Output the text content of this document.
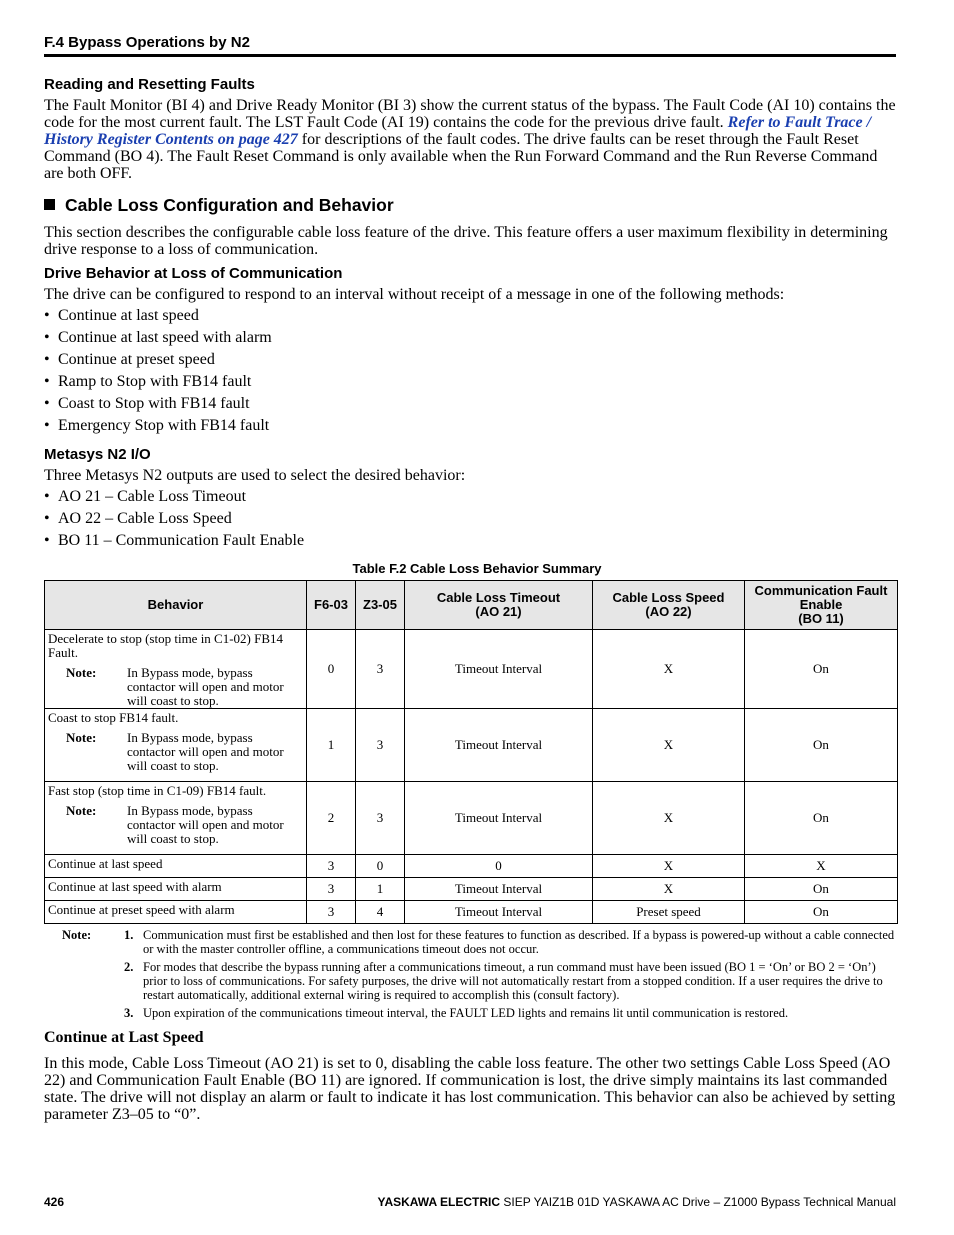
F.4 Bypass Operations by N2
Reading and Resetting Faults
The Fault Monitor (BI 4) and Drive Ready Monitor (BI 3) show the current status of the bypass. The Fault Code (AI 10) contains the code for the most current fault. The LST Fault Code (AI 19) contains the code for the previous drive fault. Refer to Fault Trace / History Register Contents on page 427 for descriptions of the fault codes. The drive faults can be reset through the Fault Reset Command (BO 4). The Fault Reset Command is only available when the Run Forward Command and the Run Reverse Command are both OFF.
Cable Loss Configuration and Behavior
This section describes the configurable cable loss feature of the drive. This feature offers a user maximum flexibility in determining drive response to a loss of communication.
Drive Behavior at Loss of Communication
The drive can be configured to respond to an interval without receipt of a message in one of the following methods:
• Continue at last speed
• Continue at last speed with alarm
• Continue at preset speed
• Ramp to Stop with FB14 fault
• Coast to Stop with FB14 fault
• Emergency Stop with FB14 fault
Metasys N2 I/O
Three Metasys N2 outputs are used to select the desired behavior:
• AO 21 – Cable Loss Timeout
• AO 22 – Cable Loss Speed
• BO 11 – Communication Fault Enable
Table F.2 Cable Loss Behavior Summary
Behavior	F6-03	Z3-05	Cable Loss Timeout
(AO 21)	Cable Loss Speed
(AO 22)	Communication Fault
Enable
(BO 11)

Decelerate to stop (stop time in C1-02) FB14 Fault.
Note: In Bypass mode, bypass contactor will open and motor will coast to stop.	0	3	Timeout Interval	X	On

Coast to stop FB14 fault.
Note: In Bypass mode, bypass contactor will open and motor will coast to stop.	1	3	Timeout Interval	X	On

Fast stop (stop time in C1-09) FB14 fault.
Note: In Bypass mode, bypass contactor will open and motor will coast to stop.	2	3	Timeout Interval	X	On
Continue at last speed	3	0	0	X	X
Continue at last speed with alarm	3	1	Timeout Interval	X	On
Continue at preset speed with alarm	3	4	Timeout Interval	Preset speed	On
Note:	1. Communication must first be established and then lost for these features to function as described. If a bypass is powered-up without a cable connected or with the master controller offline, a communications timeout does not occur.
2. For modes that describe the bypass running after a communications timeout, a run command must have been issued (BO 1 = ‘On’ or BO 2 = ‘On’) prior to loss of communications. For safety purposes, the drive will not automatically restart from a stopped condition. If a user requires the drive to restart automatically, additional external wiring is required to accomplish this (consult factory).
3. Upon expiration of the communications timeout interval, the FAULT LED lights and remains lit until communication is restored.
Continue at Last Speed
In this mode, Cable Loss Timeout (AO 21) is set to 0, disabling the cable loss feature. The other two settings Cable Loss Speed (AO 22) and Communication Fault Enable (BO 11) are ignored. If communication is lost, the drive simply maintains its last commanded state. The drive will not display an alarm or fault to indicate it has lost communication. This behavior can also be achieved by setting parameter Z3–05 to “0”.
426	YASKAWA ELECTRIC SIEP YAIZ1B 01D YASKAWA AC Drive – Z1000 Bypass Technical Manual
